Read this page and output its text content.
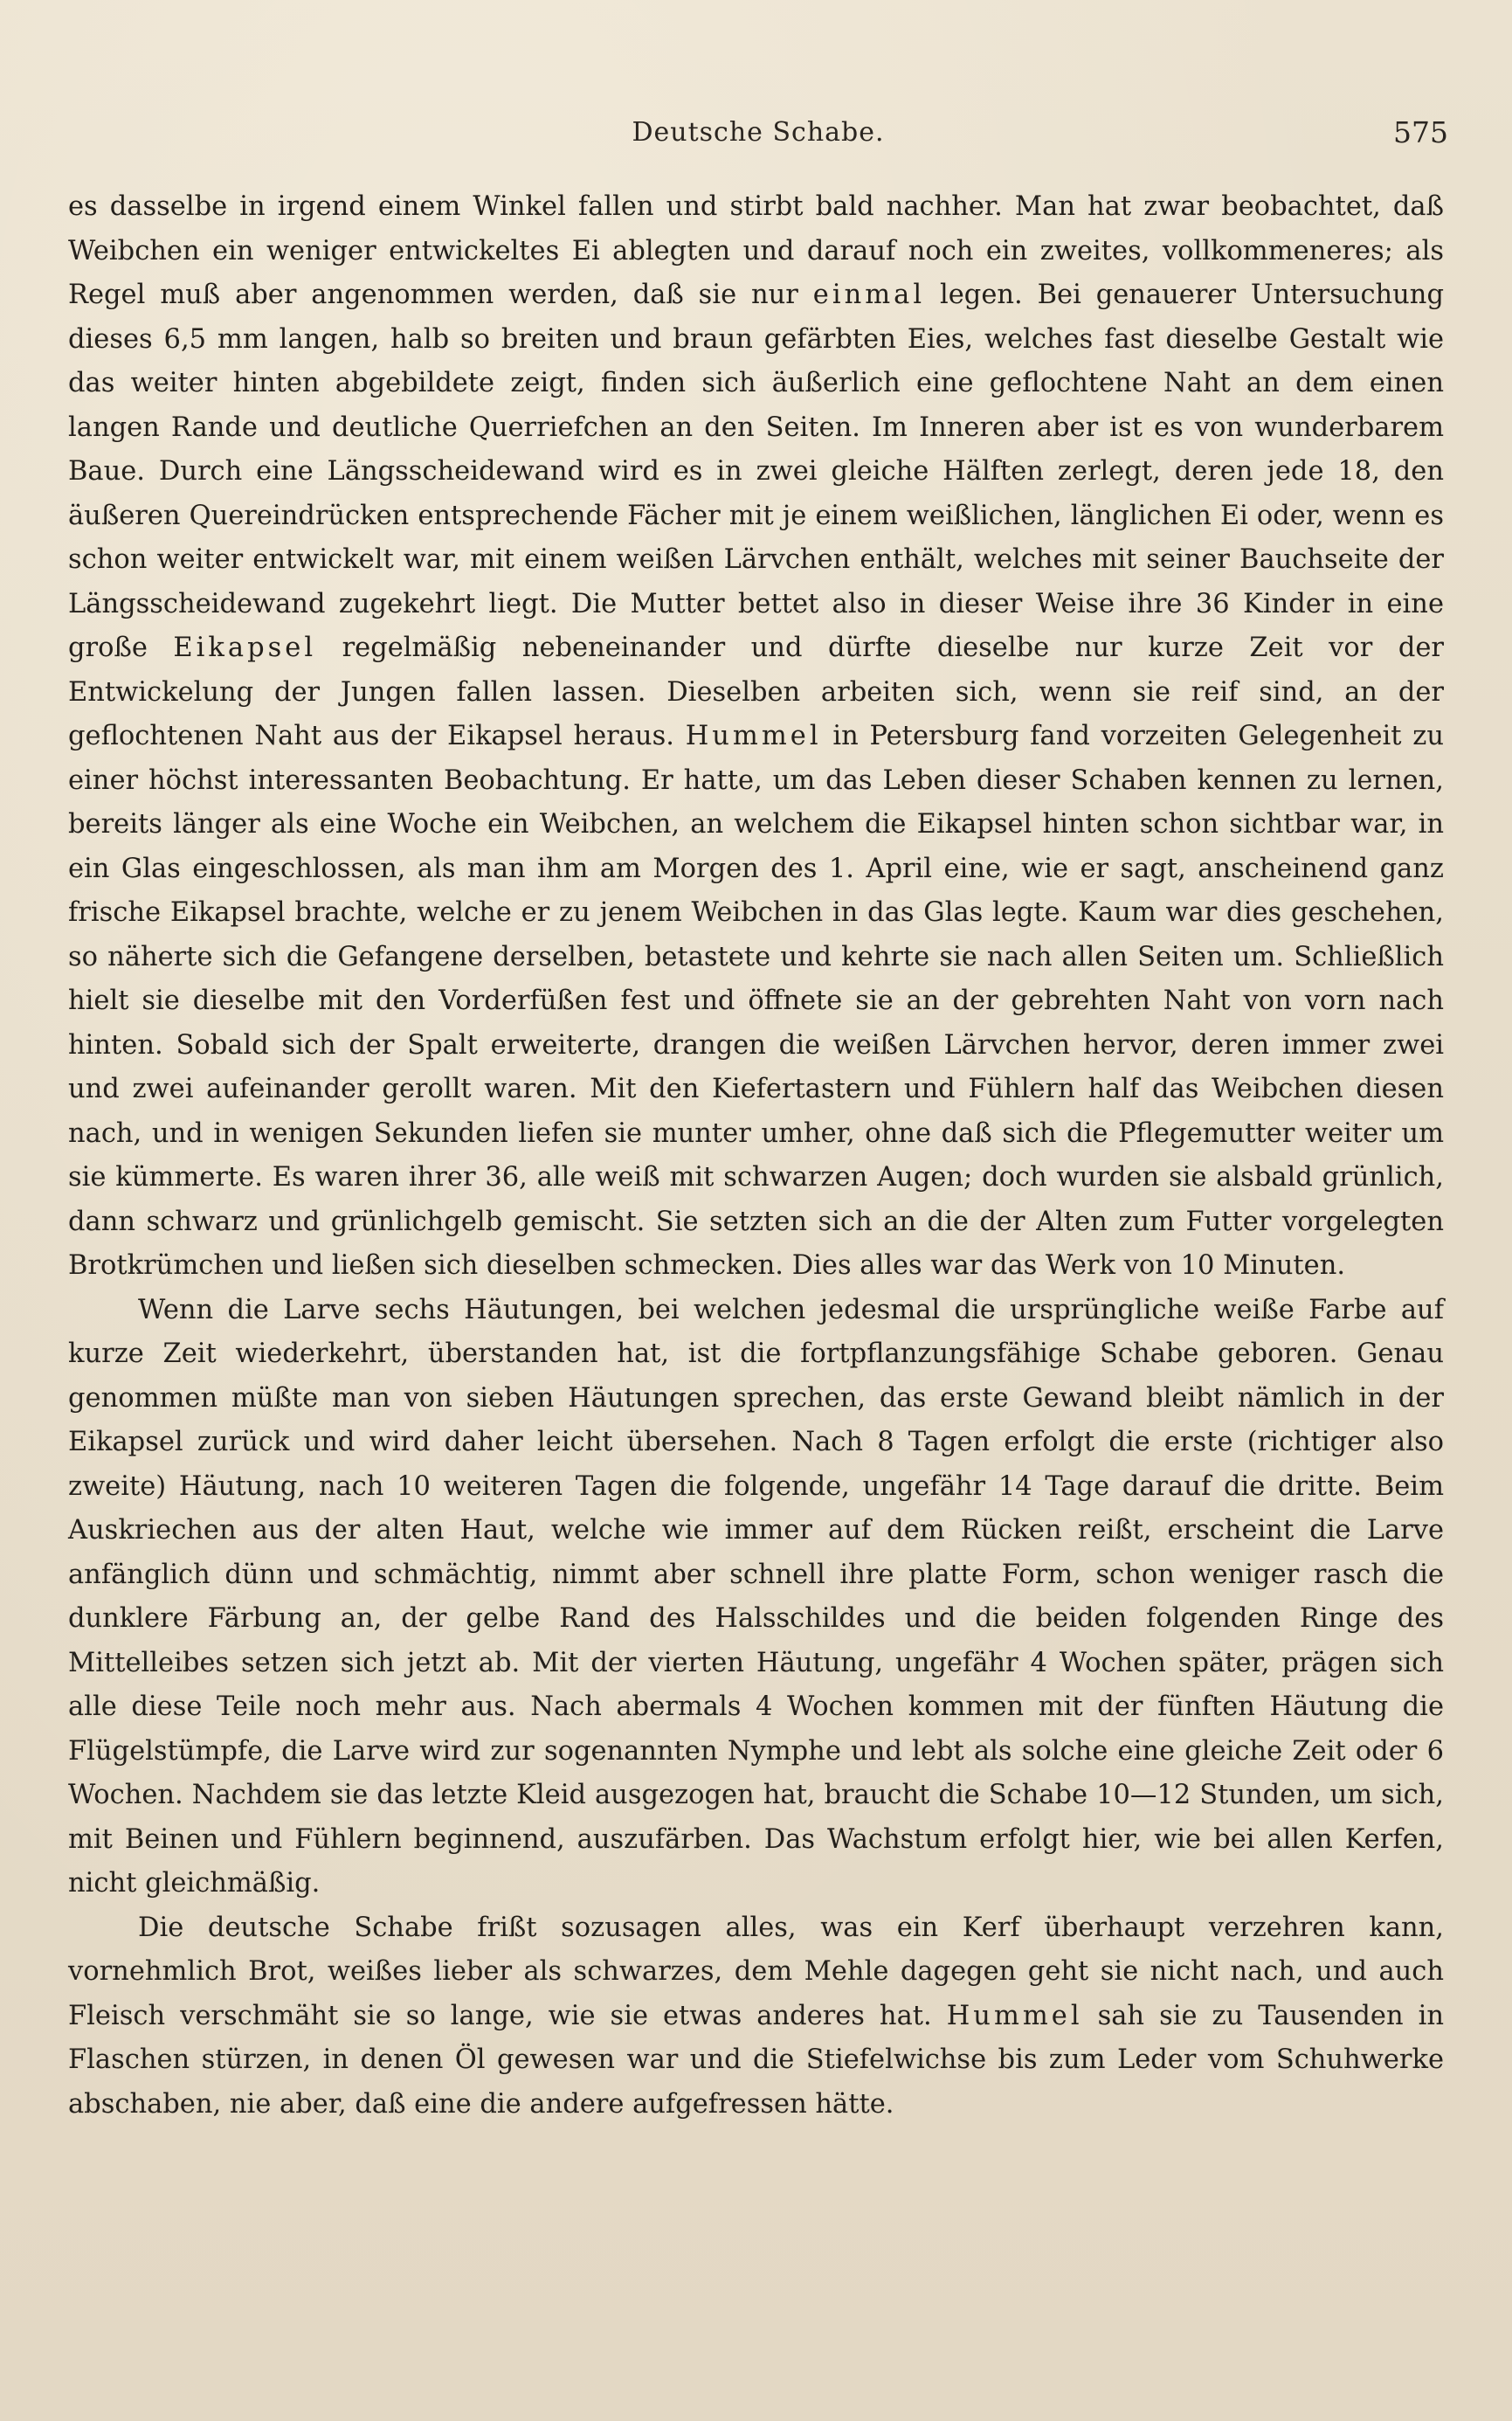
Deutsche Schabe.	575

es dasselbe in irgend einem Winkel fallen und stirbt bald nachher. Man hat zwar beobachtet, daß Weibchen ein weniger entwickeltes Ei ablegten und darauf noch ein zweites, vollkommeneres; als Regel muß aber angenommen werden, daß sie nur einmal legen. Bei genauerer Untersuchung dieses 6,5 mm langen, halb so breiten und braun gefärbten Eies, welches fast dieselbe Gestalt wie das weiter hinten abgebildete zeigt, finden sich äußerlich eine geflochtene Naht an dem einen langen Rande und deutliche Querriefchen an den Seiten. Im Inneren aber ist es von wunderbarem Baue. Durch eine Längsscheidewand wird es in zwei gleiche Hälften zerlegt, deren jede 18, den äußeren Quereindrücken entsprechende Fächer mit je einem weißlichen, länglichen Ei oder, wenn es schon weiter entwickelt war, mit einem weißen Lärvchen enthält, welches mit seiner Bauchseite der Längsscheidewand zugekehrt liegt. Die Mutter bettet also in dieser Weise ihre 36 Kinder in eine große Eikapsel regelmäßig nebeneinander und dürfte dieselbe nur kurze Zeit vor der Entwickelung der Jungen fallen lassen. Dieselben arbeiten sich, wenn sie reif sind, an der geflochtenen Naht aus der Eikapsel heraus. Hummel in Petersburg fand vorzeiten Gelegenheit zu einer höchst interessanten Beobachtung. Er hatte, um das Leben dieser Schaben kennen zu lernen, bereits länger als eine Woche ein Weibchen, an welchem die Eikapsel hinten schon sichtbar war, in ein Glas eingeschlossen, als man ihm am Morgen des 1. April eine, wie er sagt, anscheinend ganz frische Eikapsel brachte, welche er zu jenem Weibchen in das Glas legte. Kaum war dies geschehen, so näherte sich die Gefangene derselben, betastete und kehrte sie nach allen Seiten um. Schließlich hielt sie dieselbe mit den Vorderfüßen fest und öffnete sie an der gebrehten Naht von vorn nach hinten. Sobald sich der Spalt erweiterte, drangen die weißen Lärvchen hervor, deren immer zwei und zwei aufeinander gerollt waren. Mit den Kiefertastern und Fühlern half das Weibchen diesen nach, und in wenigen Sekunden liefen sie munter umher, ohne daß sich die Pflegemutter weiter um sie kümmerte. Es waren ihrer 36, alle weiß mit schwarzen Augen; doch wurden sie alsbald grünlich, dann schwarz und grünlichgelb gemischt. Sie setzten sich an die der Alten zum Futter vorgelegten Brotkrümchen und ließen sich dieselben schmecken. Dies alles war das Werk von 10 Minuten.

Wenn die Larve sechs Häutungen, bei welchen jedesmal die ursprüngliche weiße Farbe auf kurze Zeit wiederkehrt, überstanden hat, ist die fortpflanzungsfähige Schabe geboren. Genau genommen müßte man von sieben Häutungen sprechen, das erste Gewand bleibt nämlich in der Eikapsel zurück und wird daher leicht übersehen. Nach 8 Tagen erfolgt die erste (richtiger also zweite) Häutung, nach 10 weiteren Tagen die folgende, ungefähr 14 Tage darauf die dritte. Beim Auskriechen aus der alten Haut, welche wie immer auf dem Rücken reißt, erscheint die Larve anfänglich dünn und schmächtig, nimmt aber schnell ihre platte Form, schon weniger rasch die dunklere Färbung an, der gelbe Rand des Halsschildes und die beiden folgenden Ringe des Mittelleibes setzen sich jetzt ab. Mit der vierten Häutung, ungefähr 4 Wochen später, prägen sich alle diese Teile noch mehr aus. Nach abermals 4 Wochen kommen mit der fünften Häutung die Flügelstümpfe, die Larve wird zur sogenannten Nymphe und lebt als solche eine gleiche Zeit oder 6 Wochen. Nachdem sie das letzte Kleid ausgezogen hat, braucht die Schabe 10—12 Stunden, um sich, mit Beinen und Fühlern beginnend, auszufärben. Das Wachstum erfolgt hier, wie bei allen Kerfen, nicht gleichmäßig.

Die deutsche Schabe frißt sozusagen alles, was ein Kerf überhaupt verzehren kann, vornehmlich Brot, weißes lieber als schwarzes, dem Mehle dagegen geht sie nicht nach, und auch Fleisch verschmäht sie so lange, wie sie etwas anderes hat. Hummel sah sie zu Tausenden in Flaschen stürzen, in denen Öl gewesen war und die Stiefelwichse bis zum Leder vom Schuhwerke abschaben, nie aber, daß eine die andere aufgefressen hätte.
